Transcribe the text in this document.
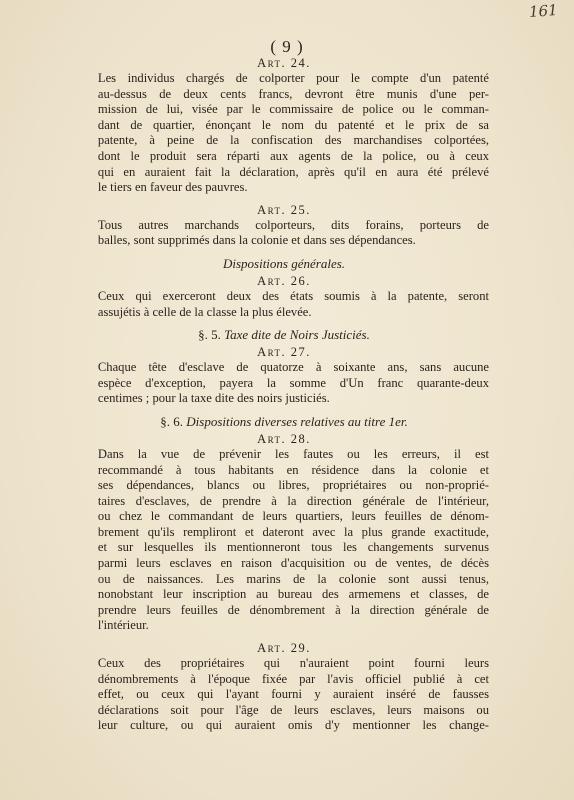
161
( 9 )
Art. 24.
Les individus chargés de colporter pour le compte d'un patenté
au-dessus de deux cents francs, devront être munis d'une per-
mission de lui, visée par le commissaire de police ou le comman-
dant de quartier, énonçant le nom du patenté et le prix de sa
patente, à peine de la confiscation des marchandises colportées,
dont le produit sera réparti aux agents de la police, ou à ceux
qui en auraient fait la déclaration, après qu'il en aura été prélevé
le tiers en faveur des pauvres.
Art. 25.
Tous autres marchands colporteurs, dits forains, porteurs de
balles, sont supprimés dans la colonie et dans ses dépendances.
Dispositions générales.
Art. 26.
Ceux qui exerceront deux des états soumis à la patente, seront
assujétis à celle de la classe la plus élevée.
§. 5. Taxe dite de Noirs Justiciés.
Art. 27.
Chaque tête d'esclave de quatorze à soixante ans, sans aucune
espèce d'exception, payera la somme d'Un franc quarante-deux
centimes ; pour la taxe dite des noirs justiciés.
§. 6. Dispositions diverses relatives au titre 1er.
Art. 28.
Dans la vue de prévenir les fautes ou les erreurs, il est
recommandé à tous habitants en résidence dans la colonie et
ses dépendances, blancs ou libres, propriétaires ou non-proprié-
taires d'esclaves, de prendre à la direction générale de l'intérieur,
ou chez le commandant de leurs quartiers, leurs feuilles de dénom-
brement qu'ils rempliront et dateront avec la plus grande exactitude,
et sur lesquelles ils mentionneront tous les changements survenus
parmi leurs esclaves en raison d'acquisition ou de ventes, de décès
ou de naissances. Les marins de la colonie sont aussi tenus,
nonobstant leur inscription au bureau des armemens et classes, de
prendre leurs feuilles de dénombrement à la direction générale de
l'intérieur.
Art. 29.
Ceux des propriétaires qui n'auraient point fourni leurs
dénombrements à l'époque fixée par l'avis officiel publié à cet
effet, ou ceux qui l'ayant fourni y auraient inséré de fausses
déclarations soit pour l'âge de leurs esclaves, leurs maisons ou
leur culture, ou qui auraient omis d'y mentionner les change-
